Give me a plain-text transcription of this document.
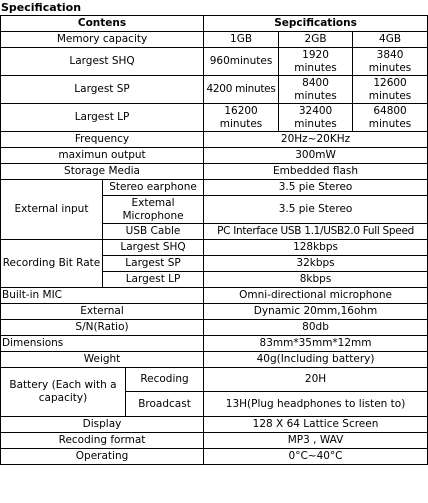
Specification
Contens			Sepcifications		
Memory capacity			1GB	2GB	4GB
Largest SHQ			960minutes	1920 minutes	3840 minutes
Largest SP			4200 minutes	8400 minutes	12600 minutes
Largest LP			16200 minutes	32400 minutes	64800 minutes
Frequency			20Hz~20KHz		
maximun output			300mW		
Storage Media			Embedded flash		
External input	Stereo earphone		3.5 pie Stereo		
	Extemal Microphone		3.5 pie Stereo		
	USB Cable		PC Interface USB 1.1/USB2.0 Full Speed		
Recording Bit Rate	Largest SHQ		128kbps		
	Largest SP		32kbps		
	Largest LP		8kbps		
Built-in MIC			Omni-directional microphone		
External			Dynamic 20mm,16ohm		
S/N(Ratio)			80db		
Dimensions			83mm*35mm*12mm		
Weight			40g(Including battery)		
Battery (Each with a capacity)		Recoding	20H		
		Broadcast	13H(Plug headphones to listen to)		
Display			128 X 64 Lattice Screen		
Recoding format			MP3 , WAV		
Operating			0°C~40°C		
